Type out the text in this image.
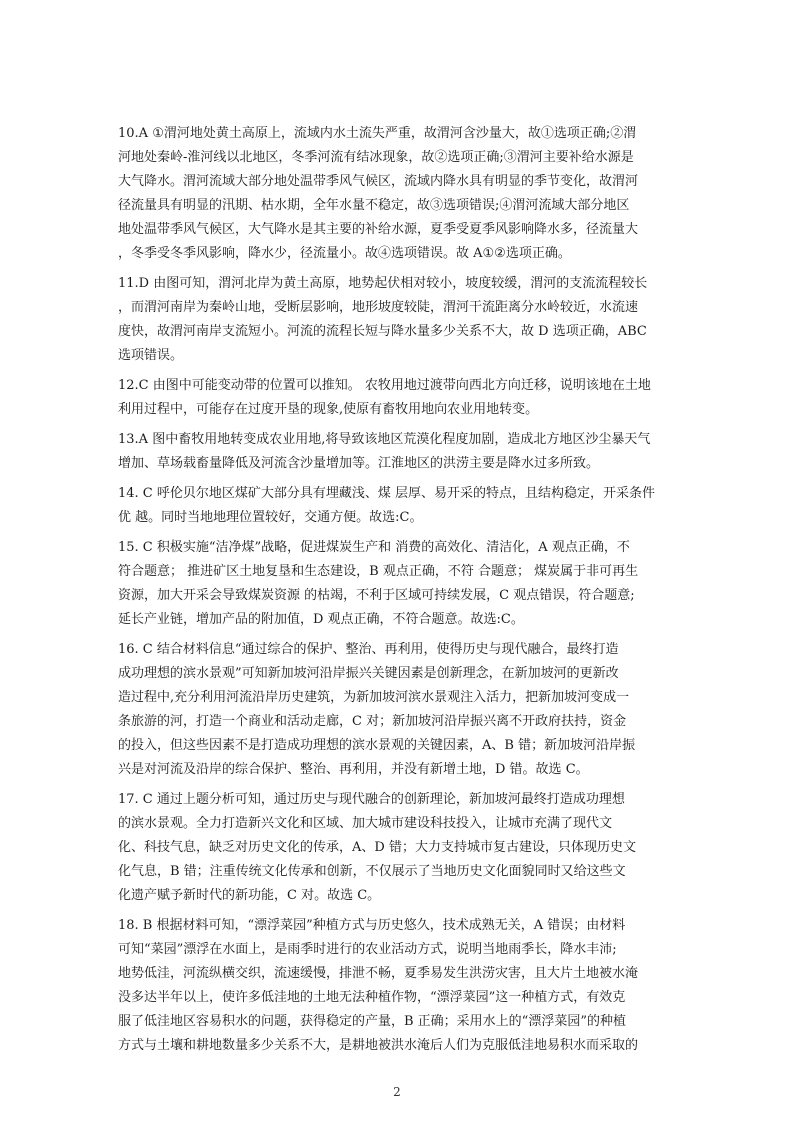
10.A ①渭河地处黄土高原上，流域内水土流失严重，故渭河含沙量大，故①选项正确;②渭
河地处秦岭-淮河线以北地区，冬季河流有结冰现象，故②选项正确;③渭河主要补给水源是
大气降水。渭河流域大部分地处温带季风气候区，流域内降水具有明显的季节变化，故渭河
径流量具有明显的汛期、枯水期，全年水量不稳定，故③选项错误;④渭河流域大部分地区
地处温带季风气候区，大气降水是其主要的补给水源，夏季受夏季风影响降水多，径流量大
，冬季受冬季风影响，降水少，径流量小。故④选项错误。故 A①②选项正确。

11.D 由图可知，渭河北岸为黄土高原，地势起伏相对较小，坡度较缓，渭河的支流流程较长
，而渭河南岸为秦岭山地，受断层影响，地形坡度较陡，渭河干流距离分水岭较近，水流速
度快，故渭河南岸支流短小。河流的流程长短与降水量多少关系不大，故 D 选项正确，ABC
选项错误。

12.C 由图中可能变动带的位置可以推知。 农牧用地过渡带向西北方向迁移，说明该地在土地
利用过程中，可能存在过度开垦的现象,使原有畜牧用地向农业用地转变。

13.A 图中畜牧用地转变成农业用地,将导致该地区荒漠化程度加剧，造成北方地区沙尘暴天气
增加、草场载畜量降低及河流含沙量增加等。江淮地区的洪涝主要是降水过多所致。

14. C 呼伦贝尔地区煤矿大部分具有埋藏浅、煤 层厚、易开采的特点，且结构稳定，开采条件
优 越。同时当地地理位置较好，交通方便。故选:C。

15. C 积极实施“洁净煤”战略，促进煤炭生产和 消费的高效化、清洁化，A 观点正确，不
符合题意； 推进矿区土地复垦和生态建设，B 观点正确，不符 合题意； 煤炭属于非可再生
资源，加大开采会导致煤炭资源 的枯竭，不利于区域可持续发展，C 观点错误，符合题意;
延长产业链，增加产品的附加值，D 观点正确，不符合题意。故选:C。

16. C 结合材料信息“通过综合的保护、整治、再利用，使得历史与现代融合，最终打造
成功理想的滨水景观”可知新加坡河沿岸振兴关键因素是创新理念，在新加坡河的更新改
造过程中,充分利用河流沿岸历史建筑，为新加坡河滨水景观注入活力，把新加坡河变成一
条旅游的河，打造一个商业和活动走廊，C 对；新加坡河沿岸振兴离不开政府扶持，资金
的投入，但这些因素不是打造成功理想的滨水景观的关键因素，A、B 错；新加坡河沿岸振
兴是对河流及沿岸的综合保护、整治、再利用，并没有新增土地，D 错。故选 C。

17. C 通过上题分析可知，通过历史与现代融合的创新理论，新加坡河最终打造成功理想
的滨水景观。全力打造新兴文化和区域、加大城市建设科技投入，让城市充满了现代文
化、科技气息，缺乏对历史文化的传承，A、D 错；大力支持城市复古建设，只体现历史文
化气息，B 错；注重传统文化传承和创新，不仅展示了当地历史文化面貌同时又给这些文
化遗产赋予新时代的新功能，C 对。故选 C。

18. B 根据材料可知，“漂浮菜园”种植方式与历史悠久，技术成熟无关，A 错误；由材料
可知“菜园”漂浮在水面上，是雨季时进行的农业活动方式，说明当地雨季长，降水丰沛;
地势低洼，河流纵横交织，流速缓慢，排泄不畅，夏季易发生洪涝灾害，且大片土地被水淹
没多达半年以上，使许多低洼地的土地无法种植作物，“漂浮菜园”这一种植方式，有效克
服了低洼地区容易积水的问题，获得稳定的产量，B 正确；采用水上的“漂浮菜园”的种植
方式与土壤和耕地数量多少关系不大，是耕地被洪水淹后人们为克服低洼地易积水而采取的

2
